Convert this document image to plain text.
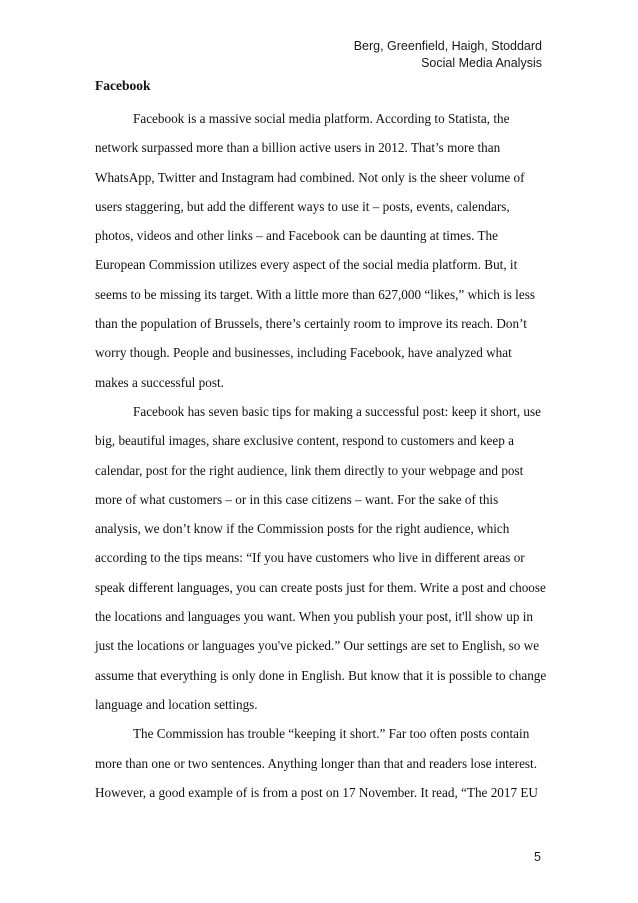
Berg, Greenfield, Haigh, Stoddard
Social Media Analysis
Facebook

Facebook is a massive social media platform. According to Statista, the network surpassed more than a billion active users in 2012. That’s more than WhatsApp, Twitter and Instagram had combined. Not only is the sheer volume of users staggering, but add the different ways to use it – posts, events, calendars, photos, videos and other links – and Facebook can be daunting at times. The European Commission utilizes every aspect of the social media platform. But, it seems to be missing its target. With a little more than 627,000 “likes,” which is less than the population of Brussels, there’s certainly room to improve its reach. Don’t worry though. People and businesses, including Facebook, have analyzed what makes a successful post.

Facebook has seven basic tips for making a successful post: keep it short, use big, beautiful images, share exclusive content, respond to customers and keep a calendar, post for the right audience, link them directly to your webpage and post more of what customers – or in this case citizens – want. For the sake of this analysis, we don’t know if the Commission posts for the right audience, which according to the tips means: “If you have customers who live in different areas or speak different languages, you can create posts just for them. Write a post and choose the locations and languages you want. When you publish your post, it'll show up in just the locations or languages you've picked.” Our settings are set to English, so we assume that everything is only done in English. But know that it is possible to change language and location settings.

The Commission has trouble “keeping it short.” Far too often posts contain more than one or two sentences. Anything longer than that and readers lose interest. However, a good example of is from a post on 17 November. It read, “The 2017 EU

5
